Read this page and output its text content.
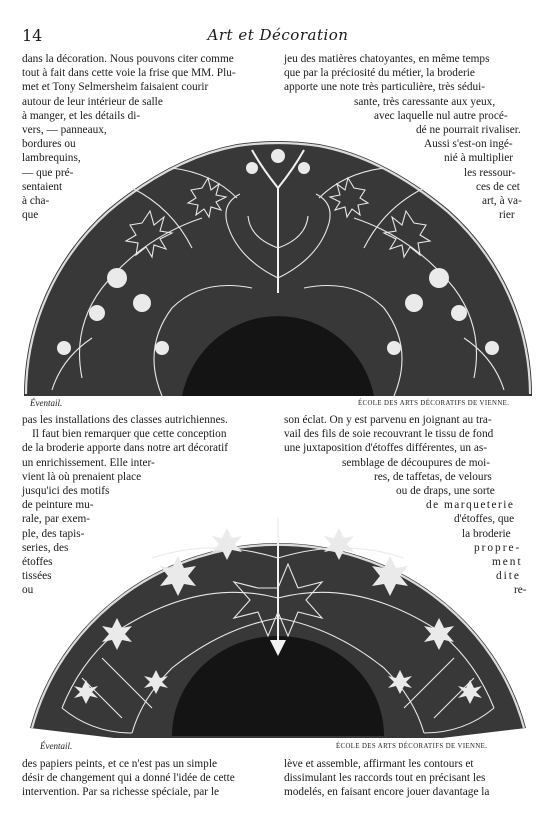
14	Art et Décoration

dans la décoration. Nous pouvons citer comme

tout à fait dans cette voie la frise que MM. Plu-

met et Tony Selmersheim faisaient courir

autour de leur intérieur de salle

à manger, et les détails di-

vers, — panneaux,

bordures ou

lambrequins,

— que pré-

sentaient

à cha-

que

jeu des matières chatoyantes, en même temps

que par la préciosité du métier, la broderie

apporte une note très particulière, très sédui-

sante, très caressante aux yeux,

avec laquelle nul autre procé-

dé ne pourrait rivaliser.

Aussi s'est-on ingé-

nié à multiplier

les ressour-

ces de cet

art, à va-

rier

Éventail.	ÉCOLE DES ARTS DÉCORATIFS DE VIENNE.

pas les installations des classes autrichiennes.

Il faut bien remarquer que cette conception

de la broderie apporte dans notre art décoratif

un enrichissement. Elle inter-

vient là où prenaient place

jusqu'ici des motifs

de peinture mu-

rale, par exem-

ple, des tapis-

series, des

étoffes

tissées

ou

son éclat. On y est parvenu en joignant au tra-

vail des fils de soie recouvrant le tissu de fond

une juxtaposition d'étoffes différentes, un as-

semblage de découpures de moi-

res, de taffetas, de velours

ou de draps, une sorte

de marqueterie

d'étoffes, que

la broderie

propre-

ment

dite

re-

Éventail.	ÉCOLE DES ARTS DÉCORATIFS DE VIENNE.

des papiers peints, et ce n'est pas un simple

désir de changement qui a donné l'idée de cette

intervention. Par sa richesse spéciale, par le

lève et assemble, affirmant les contours et

dissimulant les raccords tout en précisant les

modelés, en faisant encore jouer davantage la
